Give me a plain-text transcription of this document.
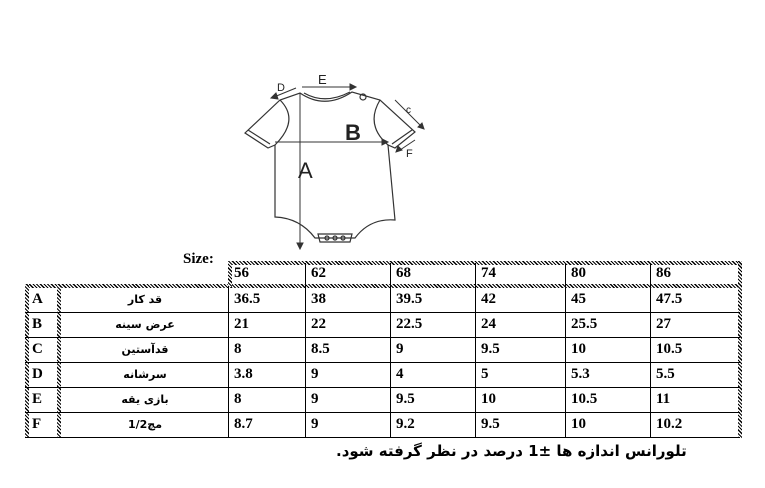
A
B
c
D
E
F
Size:
56	62	68	74	80	86
A	قد کار	36.5	38	39.5	42	45	47.5
B	عرض سینه	21	22	22.5	24	25.5	27
C	قدآستین	8	8.5	9	9.5	10	10.5
D	سرشانه	3.8	9	4	5	5.3	5.5
E	بازی یقه	8	9	9.5	10	10.5	11
F	مچ1/2	8.7	9	9.2	9.5	10	10.2
تلورانس اندازه ها ±1 درصد در نظر گرفته شود.
